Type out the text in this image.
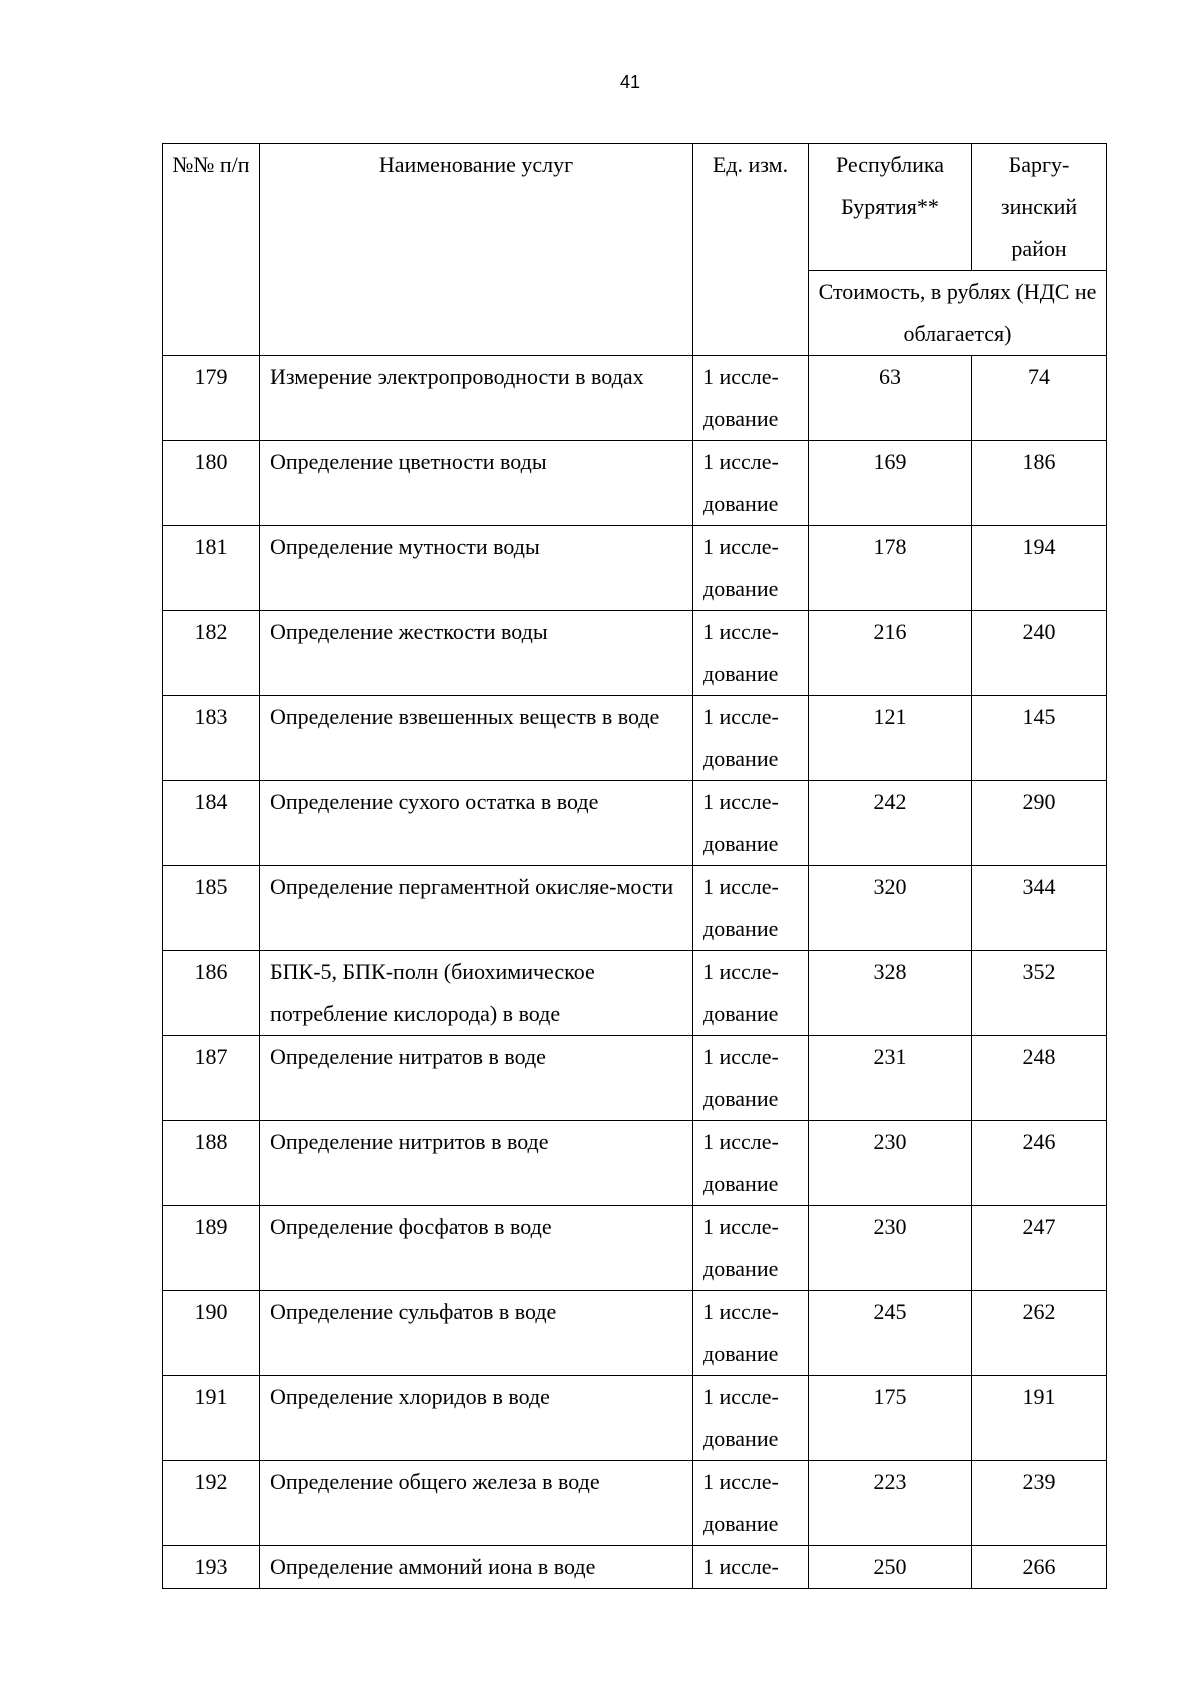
41
№№ п/п	Наименование услуг	Ед. изм.	Республика Бурятия**	Баргу-зинский район
			Стоимость, в рублях (НДС не облагается)	
179	Измерение электропроводности в водах	1 иссле-дование	63	74
180	Определение цветности воды	1 иссле-дование	169	186
181	Определение мутности воды	1 иссле-дование	178	194
182	Определение жесткости воды	1 иссле-дование	216	240
183	Определение взвешенных веществ в воде	1 иссле-дование	121	145
184	Определение сухого остатка в воде	1 иссле-дование	242	290
185	Определение пергаментной окисляе-мости	1 иссле-дование	320	344
186	БПК-5, БПК-полн (биохимическое потребление кислорода) в воде	1 иссле-дование	328	352
187	Определение нитратов в воде	1 иссле-дование	231	248
188	Определение нитритов в воде	1 иссле-дование	230	246
189	Определение фосфатов в воде	1 иссле-дование	230	247
190	Определение сульфатов в воде	1 иссле-дование	245	262
191	Определение хлоридов в воде	1 иссле-дование	175	191
192	Определение общего железа в воде	1 иссле-дование	223	239
193	Определение аммоний иона в воде	1 иссле-	250	266
